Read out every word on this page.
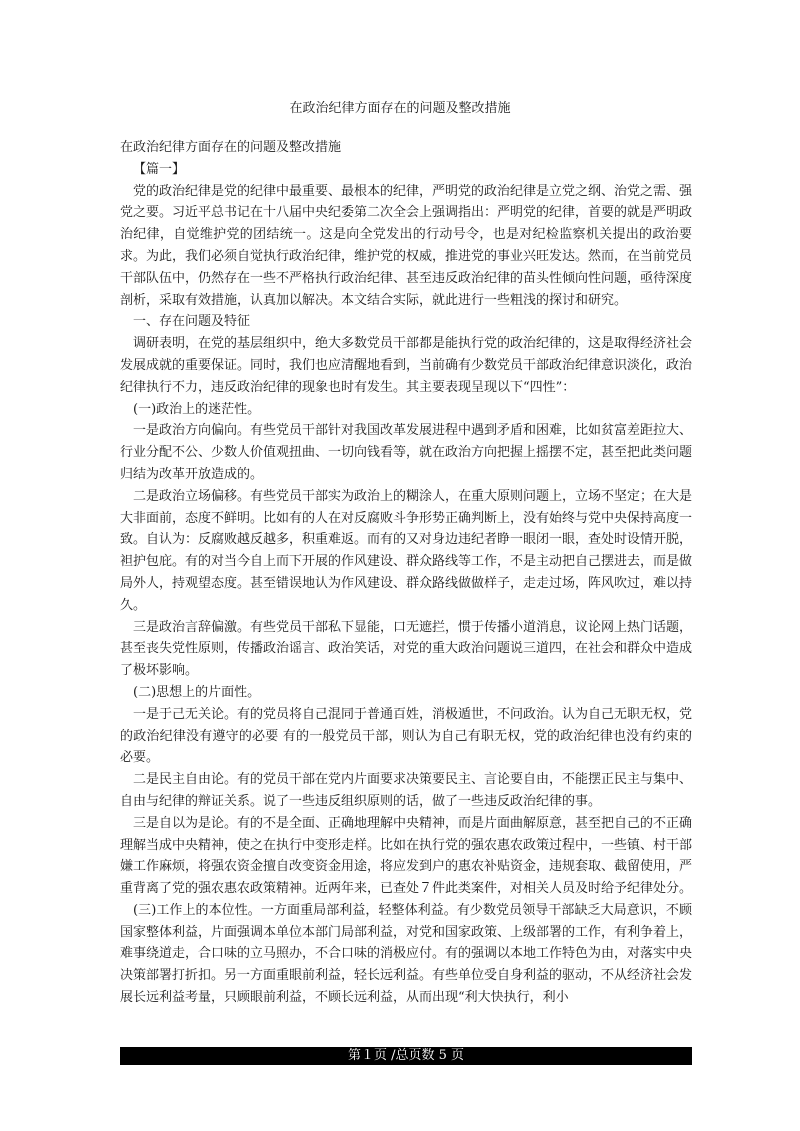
在政治纪律方面存在的问题及整改措施

在政治纪律方面存在的问题及整改措施

【篇一】

党的政治纪律是党的纪律中最重要、最根本的纪律，严明党的政治纪律是立党之纲、治党之需、强党之要。习近平总书记在十八届中央纪委第二次全会上强调指出：严明党的纪律，首要的就是严明政治纪律，自觉维护党的团结统一。这是向全党发出的行动号令，也是对纪检监察机关提出的政治要求。为此，我们必须自觉执行政治纪律，维护党的权威，推进党的事业兴旺发达。然而，在当前党员干部队伍中，仍然存在一些不严格执行政治纪律、甚至违反政治纪律的苗头性倾向性问题，亟待深度剖析，采取有效措施，认真加以解决。本文结合实际，就此进行一些粗浅的探讨和研究。

一、存在问题及特征

调研表明，在党的基层组织中，绝大多数党员干部都是能执行党的政治纪律的，这是取得经济社会发展成就的重要保证。同时，我们也应清醒地看到，当前确有少数党员干部政治纪律意识淡化，政治纪律执行不力，违反政治纪律的现象也时有发生。其主要表现呈现以下“四性”：

(一)政治上的迷茫性。

一是政治方向偏向。有些党员干部针对我国改革发展进程中遇到矛盾和困难，比如贫富差距拉大、行业分配不公、少数人价值观扭曲、一切向钱看等，就在政治方向把握上摇摆不定，甚至把此类问题归结为改革开放造成的。

二是政治立场偏移。有些党员干部实为政治上的糊涂人，在重大原则问题上，立场不坚定；在大是大非面前，态度不鲜明。比如有的人在对反腐败斗争形势正确判断上，没有始终与党中央保持高度一致。自认为：反腐败越反越多，积重难返。而有的又对身边违纪者睁一眼闭一眼，查处时设情开脱，袒护包庇。有的对当今自上而下开展的作风建设、群众路线等工作，不是主动把自己摆进去，而是做局外人，持观望态度。甚至错误地认为作风建设、群众路线做做样子，走走过场，阵风吹过，难以持久。

三是政治言辞偏激。有些党员干部私下显能，口无遮拦，惯于传播小道消息，议论网上热门话题，甚至丧失党性原则，传播政治谣言、政治笑话，对党的重大政治问题说三道四，在社会和群众中造成了极坏影响。

(二)思想上的片面性。

一是于己无关论。有的党员将自己混同于普通百姓，消极遁世，不问政治。认为自己无职无权，党的政治纪律没有遵守的必要 有的一般党员干部，则认为自己有职无权，党的政治纪律也没有约束的必要。

二是民主自由论。有的党员干部在党内片面要求决策要民主、言论要自由，不能摆正民主与集中、自由与纪律的辩证关系。说了一些违反组织原则的话，做了一些违反政治纪律的事。

三是自以为是论。有的不是全面、正确地理解中央精神，而是片面曲解原意，甚至把自己的不正确理解当成中央精神，使之在执行中变形走样。比如在执行党的强农惠农政策过程中，一些镇、村干部嫌工作麻烦，将强农资金擅自改变资金用途，将应发到户的惠农补贴资金，违规套取、截留使用，严重背离了党的强农惠农政策精神。近两年来，已查处７件此类案件，对相关人员及时给予纪律处分。

(三)工作上的本位性。一方面重局部利益，轻整体利益。有少数党员领导干部缺乏大局意识，不顾国家整体利益，片面强调本单位本部门局部利益，对党和国家政策、上级部署的工作，有利争着上，难事绕道走，合口味的立马照办，不合口味的消极应付。有的强调以本地工作特色为由，对落实中央决策部署打折扣。另一方面重眼前利益，轻长远利益。有些单位受自身利益的驱动，不从经济社会发展长远利益考量，只顾眼前利益，不顾长远利益，从而出现“利大快执行，利小

第１页 /总页数 5 页
